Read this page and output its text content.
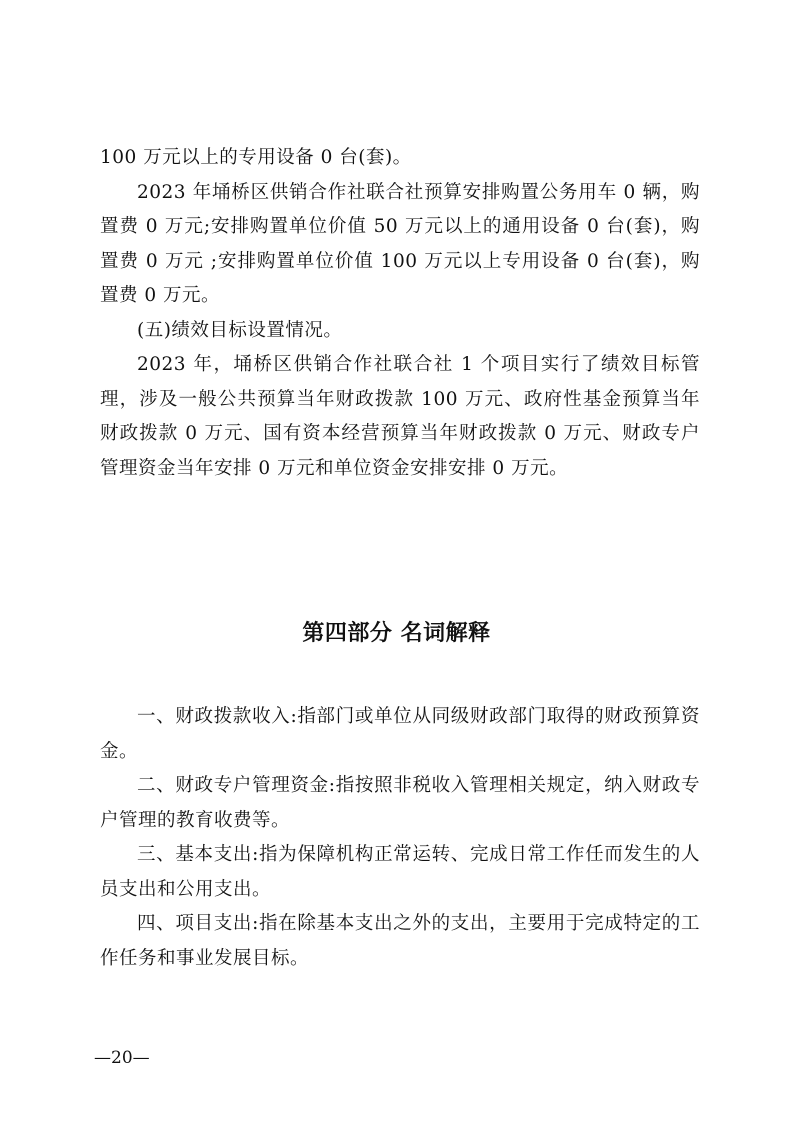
100 万元以上的专用设备 0 台(套)。

2023 年埇桥区供销合作社联合社预算安排购置公务用车 0 辆，购置费 0 万元;安排购置单位价值 50 万元以上的通用设备 0 台(套)，购置费 0 万元 ;安排购置单位价值 100 万元以上专用设备 0 台(套)，购置费 0 万元。

(五)绩效目标设置情况。

2023 年，埇桥区供销合作社联合社 1 个项目实行了绩效目标管理，涉及一般公共预算当年财政拨款 100 万元、政府性基金预算当年财政拨款 0 万元、国有资本经营预算当年财政拨款 0 万元、财政专户管理资金当年安排 0 万元和单位资金安排安排 0 万元。

第四部分 名词解释

一、财政拨款收入:指部门或单位从同级财政部门取得的财政预算资金。

二、财政专户管理资金:指按照非税收入管理相关规定，纳入财政专户管理的教育收费等。

三、基本支出:指为保障机构正常运转、完成日常工作任而发生的人员支出和公用支出。

四、项目支出:指在除基本支出之外的支出，主要用于完成特定的工作任务和事业发展目标。

—20—
